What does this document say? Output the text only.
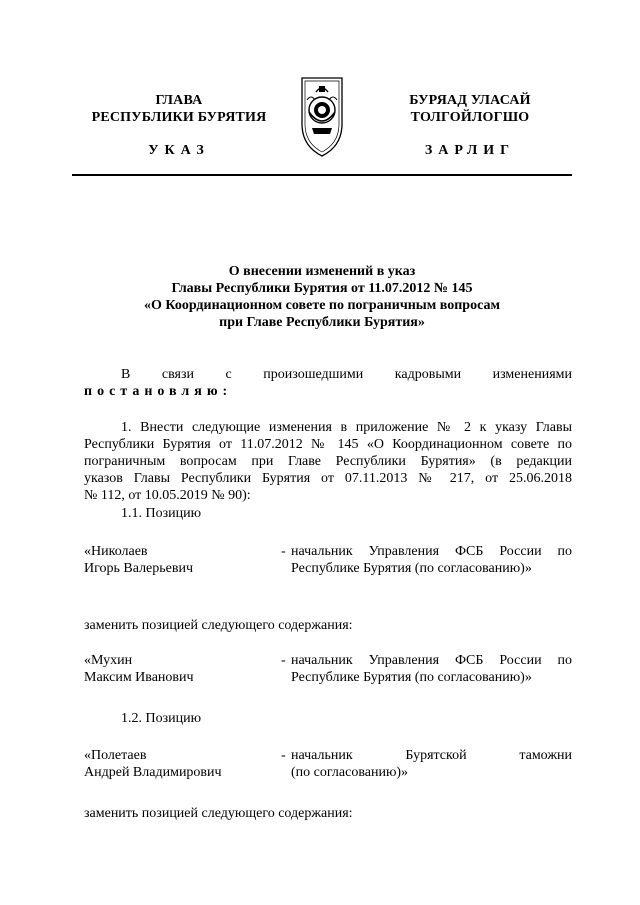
ГЛАВА
РЕСПУБЛИКИ БУРЯТИЯ
УКАЗ
БУРЯАД УЛАСАЙ
ТОЛГОЙЛОГШО
ЗАРЛИГ
О внесении изменений в указ
Главы Республики Бурятия от 11.07.2012 № 145
«О Координационном совете по пограничным вопросам
при Главе Республики Бурятия»
В связи с произошедшими кадровыми изменениями постановляю:
1. Внести следующие изменения в приложение № 2 к указу Главы
Республики Бурятия от 11.07.2012 № 145 «О Координационном совете по
пограничным вопросам при Главе Республики Бурятия» (в редакции
указов Главы Республики Бурятия от 07.11.2013 № 217, от 25.06.2018
№ 112, от 10.05.2019 № 90):
1.1. Позицию
«Николаев
Игорь Валерьевич
- начальник Управления ФСБ России по
Республике Бурятия (по согласованию)»
заменить позицией следующего содержания:
«Мухин
Максим Иванович
- начальник Управления ФСБ России по
Республике Бурятия (по согласованию)»
1.2. Позицию
«Полетаев
Андрей Владимирович
- начальник Бурятской таможни
(по согласованию)»
заменить позицией следующего содержания:
